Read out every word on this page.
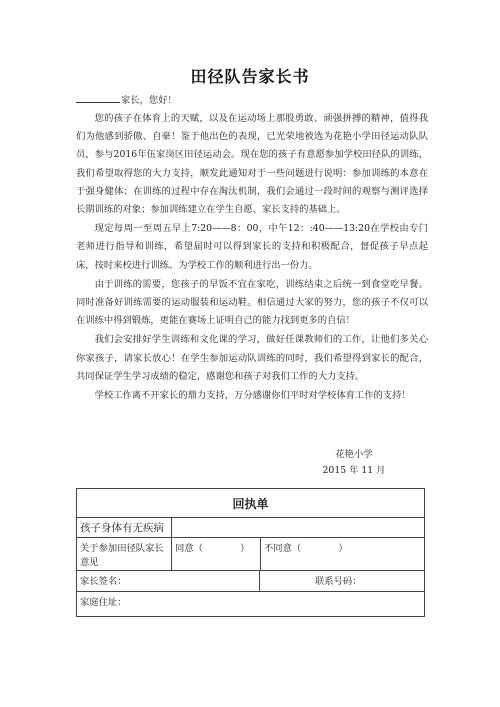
田径队告家长书
家长，您好！

您的孩子在体育上的天赋，以及在运动场上那股勇敢、顽强拼搏的精神，值得我们为他感到骄傲、自豪！鉴于他出色的表现，已光荣地被选为花艳小学田径运动队队员，参与2016年伍家岗区田径运动会。现在您的孩子有意愿参加学校田径队的训练，我们希望取得您的大力支持，顺发此通知对于一些问题进行说明：参加训练的本意在于强身健体；在训练的过程中存在淘汰机制，我们会通过一段时间的观察与测评选择长期训练的对象；参加训练建立在学生自愿、家长支持的基础上。

现定每周一至周五早上7:20——8：00，中午12：:40——13:20在学校由专门老师进行指导和训练，希望届时可以得到家长的支持和积极配合，督促孩子早点起床，按时来校进行训练。为学校工作的顺利进行出一份力。

由于训练的需要，您孩子的早饭不宜在家吃，训练结束之后统一到食堂吃早餐。同时准备好训练需要的运动服装和运动鞋。相信通过大家的努力，您的孩子不仅可以在训练中得到锻炼，更能在赛场上证明自己的能力找到更多的自信！

我们会安排好学生训练和文化课的学习，做好任课教师们的工作，让他们多关心你家孩子，请家长放心！在学生参加运动队训练的同时，我们希望得到家长的配合，共同保证学生学习成绩的稳定，感谢您和孩子对我们工作的大力支持。

学校工作离不开家长的鼎力支持，万分感谢你们平时对学校体育工作的支持！

花艳小学
2015 年 11 月
回执单		
孩子身体有无疾病		
关于参加田径队家长意见	同意（　　　　）	不同意（　　　　）

家长签名： 联系号码：		

家庭住址：		
